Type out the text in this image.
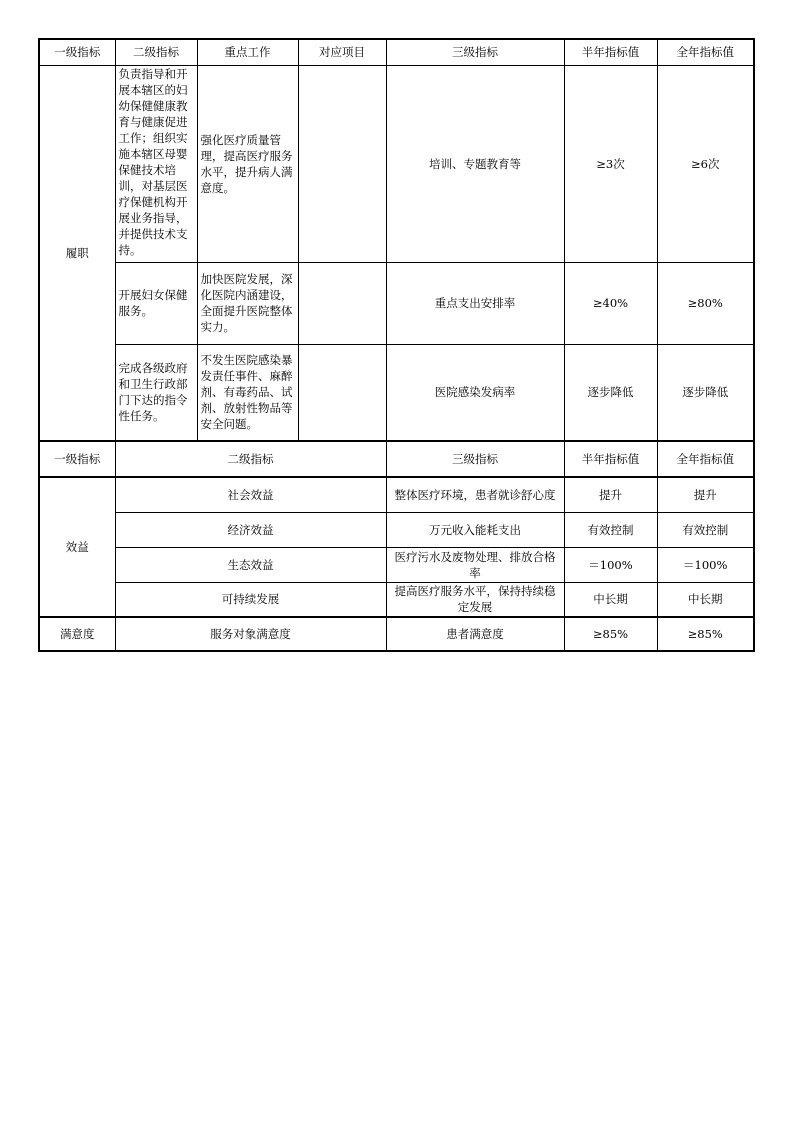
一级指标	二级指标	重点工作	对应项目	三级指标	半年指标值	全年指标值
履职	负责指导和开展本辖区的妇幼保健健康教育与健康促进工作；组织实施本辖区母婴保健技术培训，对基层医疗保健机构开展业务指导，并提供技术支持。	强化医疗质量管理，提高医疗服务水平，提升病人满意度。		培训、专题教育等	≥3次	≥6次
	开展妇女保健服务。	加快医院发展，深化医院内涵建设，全面提升医院整体实力。		重点支出安排率	≥40%	≥80%
	完成各级政府和卫生行政部门下达的指令性任务。	不发生医院感染暴发责任事件、麻醉剂、有毒药品、试剂、放射性物品等安全问题。		医院感染发病率	逐步降低	逐步降低
一级指标	二级指标			三级指标	半年指标值	全年指标值
效益	社会效益			整体医疗环境，患者就诊舒心度	提升	提升
	经济效益			万元收入能耗支出	有效控制	有效控制
	生态效益			医疗污水及废物处理、排放合格率	＝100%	＝100%
	可持续发展			提高医疗服务水平，保持持续稳定发展	中长期	中长期
满意度	服务对象满意度			患者满意度	≥85%	≥85%
